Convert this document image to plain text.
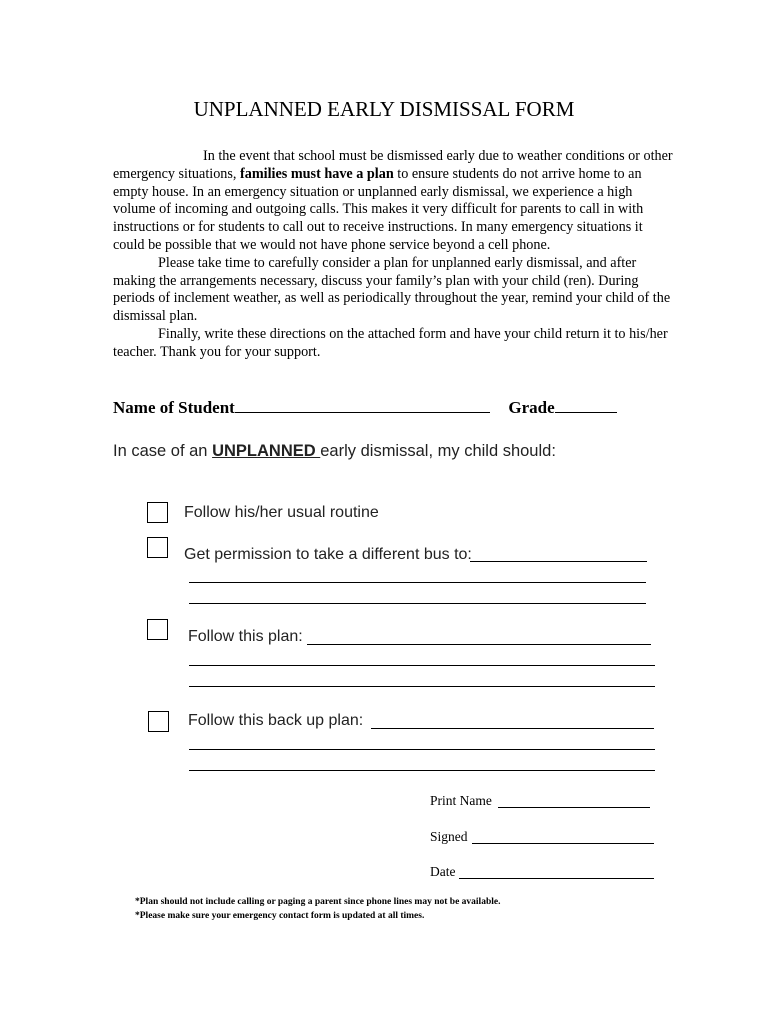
UNPLANNED EARLY DISMISSAL FORM

In the event that school must be dismissed early due to weather conditions or other emergency situations, families must have a plan to ensure students do not arrive home to an empty house. In an emergency situation or unplanned early dismissal, we experience a high volume of incoming and outgoing calls. This makes it very difficult for parents to call in with instructions or for students to call out to receive instructions. In many emergency situations it could be possible that we would not have phone service beyond a cell phone.

Please take time to carefully consider a plan for unplanned early dismissal, and after making the arrangements necessary, discuss your family’s plan with your child (ren). During periods of inclement weather, as well as periodically throughout the year, remind your child of the dismissal plan.

Finally, write these directions on the attached form and have your child return it to his/her teacher. Thank you for your support.

Name of Student	Grade
In case of an UNPLANNED early dismissal, my child should:
Follow his/her usual routine
Get permission to take a different bus to:
Follow this plan:
Follow this back up plan:
Print Name
Signed
Date
*Plan should not include calling or paging a parent since phone lines may not be available.
*Please make sure your emergency contact form is updated at all times.
